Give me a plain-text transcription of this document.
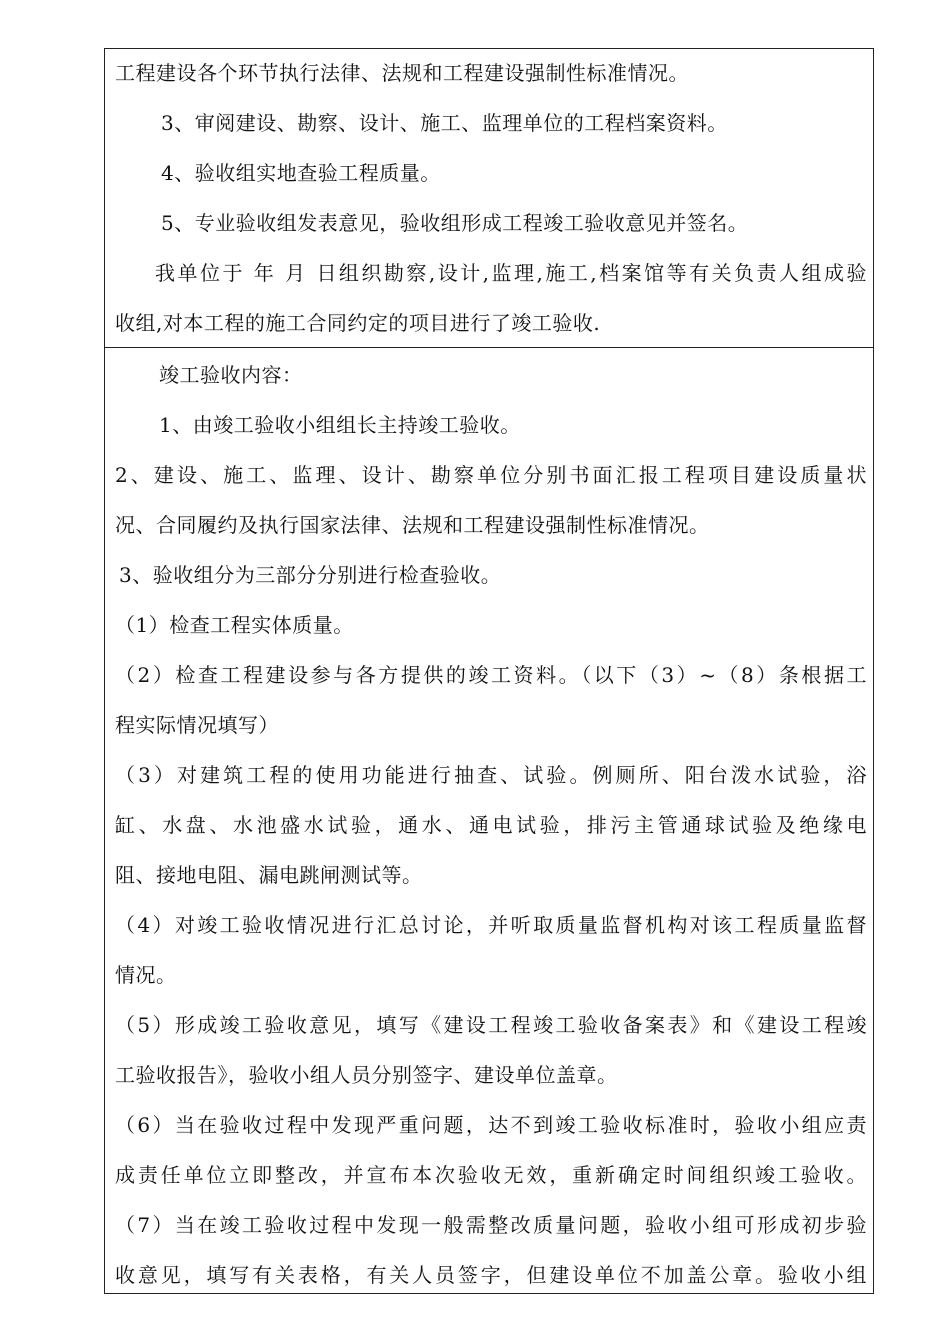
工程建设各个环节执行法律、法规和工程建设强制性标准情况。
3、审阅建设、勘察、设计、施工、监理单位的工程档案资料。
4、验收组实地查验工程质量。
5、专业验收组发表意见，验收组形成工程竣工验收意见并签名。
我单位于 年 月 日组织勘察,设计,监理,施工,档案馆等有关负责人组成验
收组,对本工程的施工合同约定的项目进行了竣工验收.
竣工验收内容：
1、由竣工验收小组组长主持竣工验收。
2、建设、施工、监理、设计、勘察单位分别书面汇报工程项目建设质量状
况、合同履约及执行国家法律、法规和工程建设强制性标准情况。
3、验收组分为三部分分别进行检查验收。
（1）检查工程实体质量。
（2）检查工程建设参与各方提供的竣工资料。（以下（3）~（8）条根据工
程实际情况填写）
（3）对建筑工程的使用功能进行抽查、试验。例厕所、阳台泼水试验，浴
缸、水盘、水池盛水试验，通水、通电试验，排污主管通球试验及绝缘电
阻、接地电阻、漏电跳闸测试等。
（4）对竣工验收情况进行汇总讨论，并听取质量监督机构对该工程质量监督
情况。
（5）形成竣工验收意见，填写《建设工程竣工验收备案表》和《建设工程竣
工验收报告》，验收小组人员分别签字、建设单位盖章。
（6）当在验收过程中发现严重问题，达不到竣工验收标准时，验收小组应责
成责任单位立即整改，并宣布本次验收无效，重新确定时间组织竣工验收。
（7）当在竣工验收过程中发现一般需整改质量问题，验收小组可形成初步验
收意见，填写有关表格，有关人员签字，但建设单位不加盖公章。验收小组
